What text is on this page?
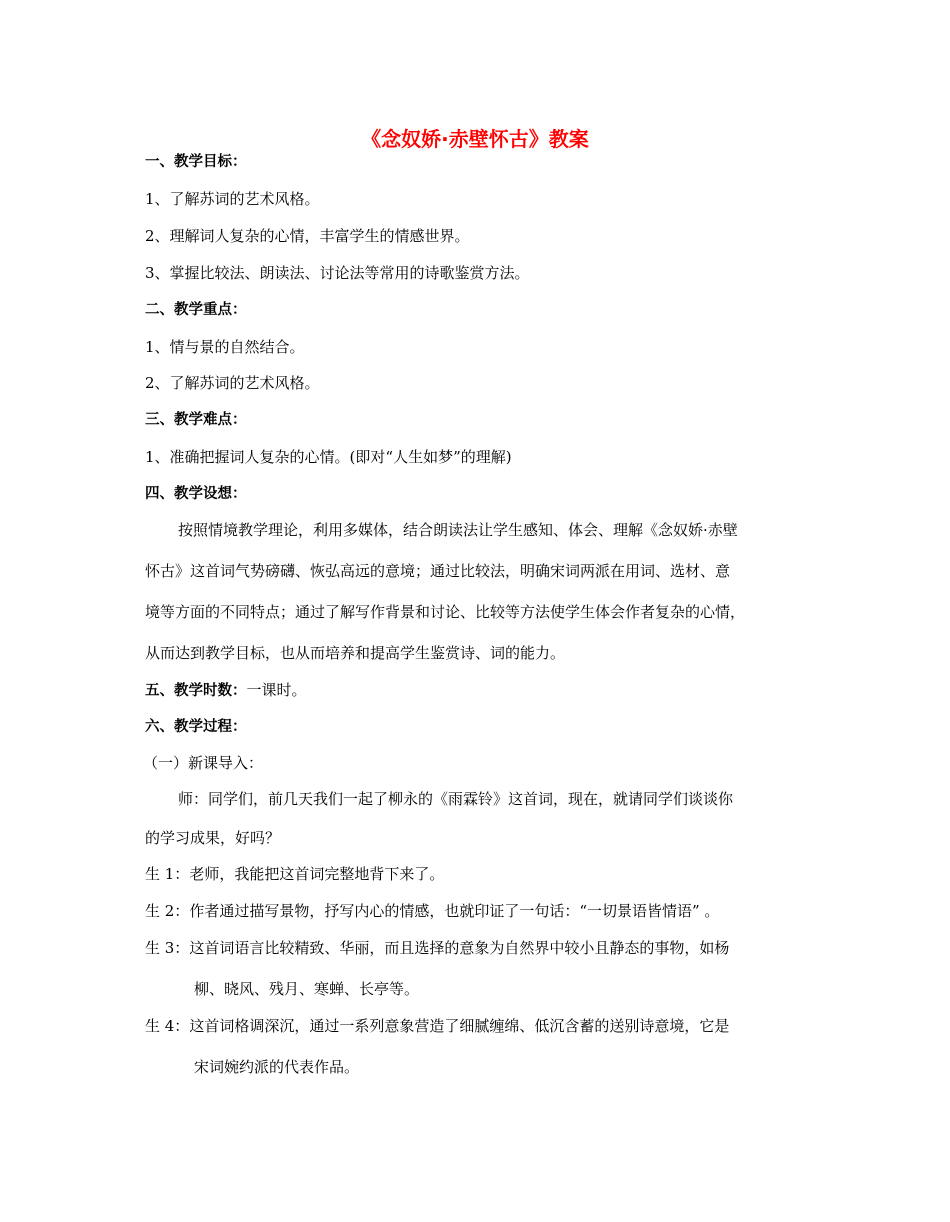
《念奴娇·赤壁怀古》教案
一、教学目标：
1、了解苏词的艺术风格。
2、理解词人复杂的心情，丰富学生的情感世界。
3、掌握比较法、朗读法、讨论法等常用的诗歌鉴赏方法。
二、教学重点：
1、情与景的自然结合。
2、了解苏词的艺术风格。
三、教学难点：
1、准确把握词人复杂的心情。(即对“人生如梦”的理解)
四、教学设想：
按照情境教学理论，利用多媒体，结合朗读法让学生感知、体会、理解《念奴娇·赤壁
怀古》这首词气势磅礴、恢弘高远的意境；通过比较法，明确宋词两派在用词、选材、意
境等方面的不同特点；通过了解写作背景和讨论、比较等方法使学生体会作者复杂的心情，
从而达到教学目标，也从而培养和提高学生鉴赏诗、词的能力。
五、教学时数：一课时。
六、教学过程：
（一）新课导入：
师：同学们，前几天我们一起了柳永的《雨霖铃》这首词，现在，就请同学们谈谈你
的学习成果，好吗？
生 1：老师，我能把这首词完整地背下来了。
生 2：作者通过描写景物，抒写内心的情感，也就印证了一句话：“一切景语皆情语” 。
生 3：这首词语言比较精致、华丽，而且选择的意象为自然界中较小且静态的事物，如杨
柳、晓风、残月、寒蝉、长亭等。
生 4：这首词格调深沉，通过一系列意象营造了细腻缠绵、低沉含蓄的送别诗意境，它是
宋词婉约派的代表作品。
